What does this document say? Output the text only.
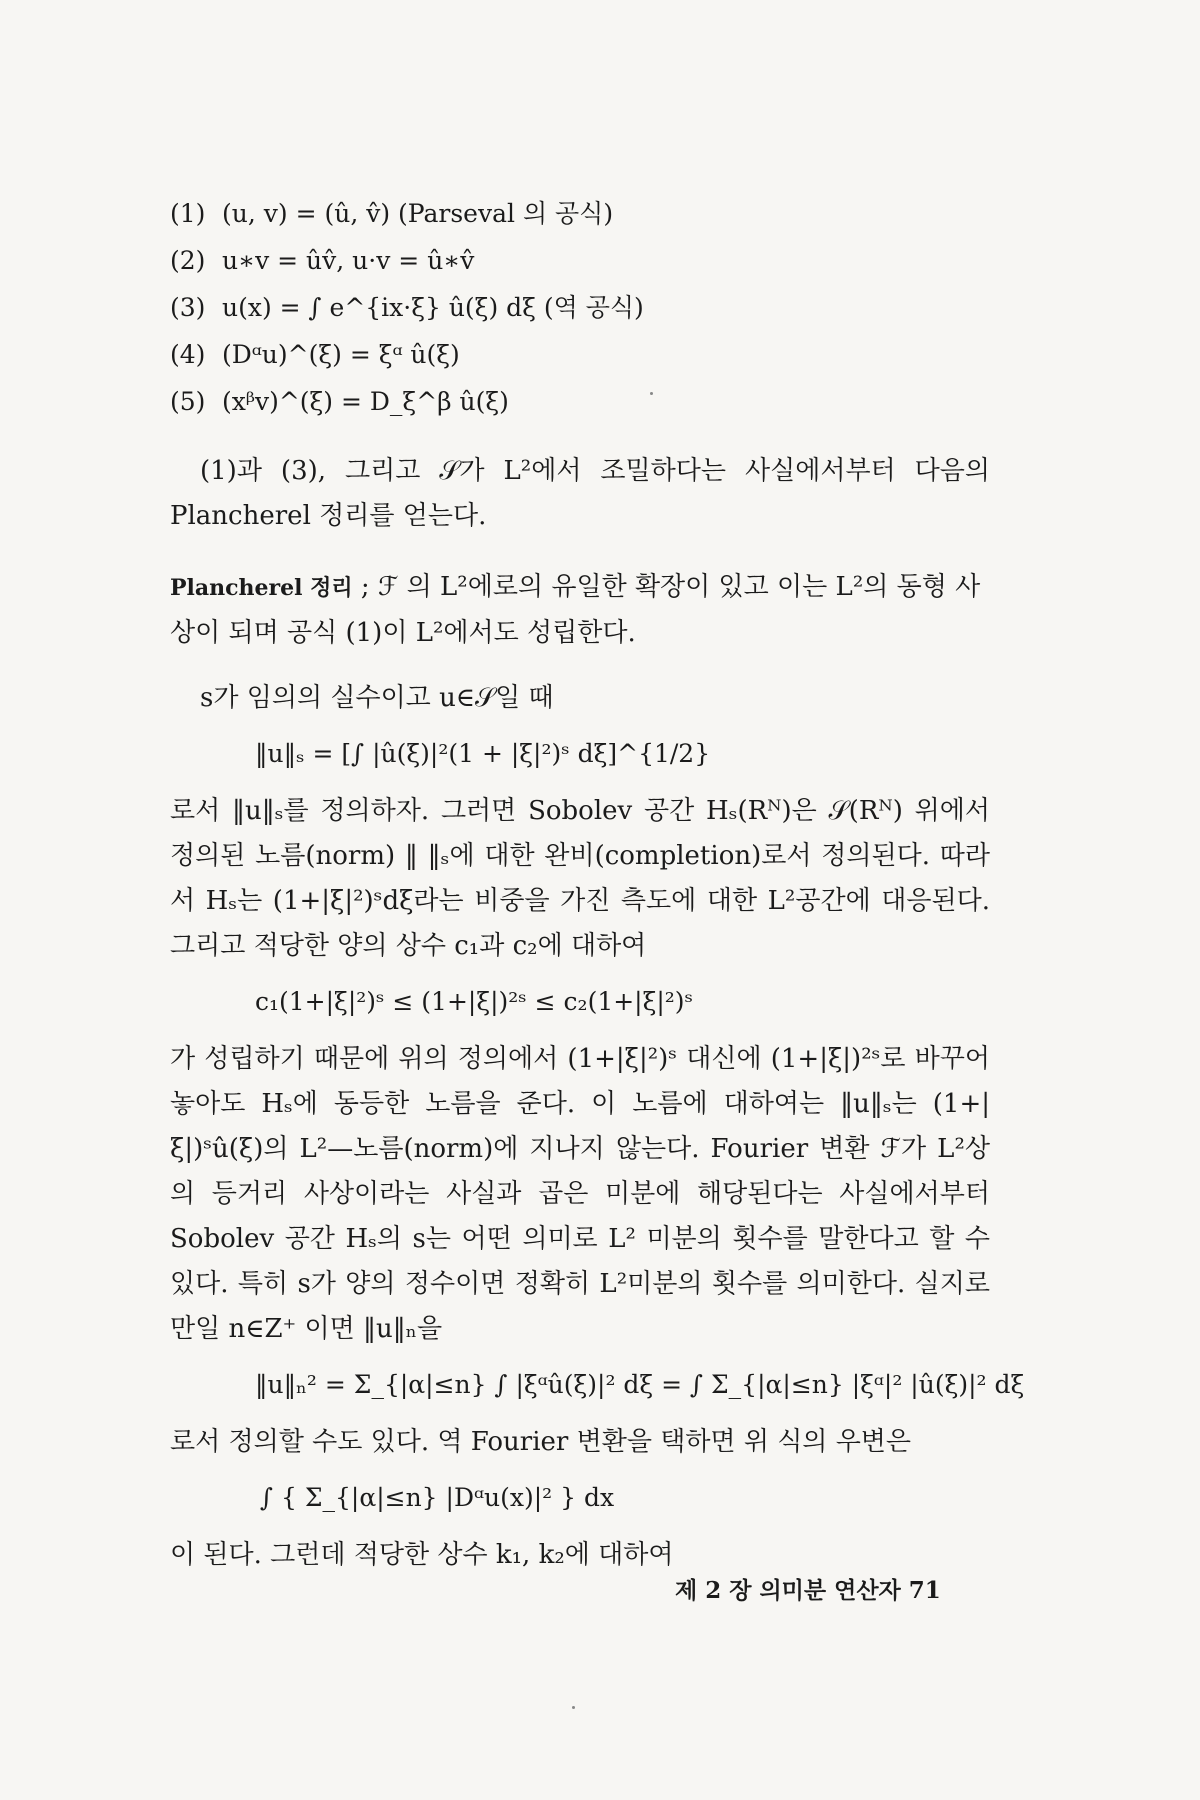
(1) (u, v) = (û, v̂) (Parseval 의 공식)
(2) u∗v = ûv̂, u·v = û∗v̂
(3) u(x) = ∫ e^{ix·ξ} û(ξ) dξ (역 공식)
(4) (Dᵅu)^(ξ) = ξᵅ û(ξ)
(5) (xᵝv)^(ξ) = D_ξ^β û(ξ)

(1)과 (3), 그리고 𝒮가 L²에서 조밀하다는 사실에서부터 다음의 Plancherel 정리를 얻는다.

Plancherel 정리 ; ℱ 의 L²에로의 유일한 확장이 있고 이는 L²의 동형 사상이 되며 공식 (1)이 L²에서도 성립한다.

s가 임의의 실수이고 u∈𝒮일 때

‖u‖ₛ = [∫ |û(ξ)|²(1 + |ξ|²)ˢ dξ]^{1/2}

로서 ‖u‖ₛ를 정의하자. 그러면 Sobolev 공간 Hₛ(Rᴺ)은 𝒮(Rᴺ) 위에서 정의된 노름(norm) ‖ ‖ₛ에 대한 완비(completion)로서 정의된다. 따라서 Hₛ는 (1+|ξ|²)ˢdξ라는 비중을 가진 측도에 대한 L²공간에 대응된다. 그리고 적당한 양의 상수 c₁과 c₂에 대하여

c₁(1+|ξ|²)ˢ ≤ (1+|ξ|)²ˢ ≤ c₂(1+|ξ|²)ˢ

가 성립하기 때문에 위의 정의에서 (1+|ξ|²)ˢ 대신에 (1+|ξ|)²ˢ로 바꾸어 놓아도 Hₛ에 동등한 노름을 준다. 이 노름에 대하여는 ‖u‖ₛ는 (1+|ξ|)ˢû(ξ)의 L²—노름(norm)에 지나지 않는다. Fourier 변환 ℱ가 L²상의 등거리 사상이라는 사실과 곱은 미분에 해당된다는 사실에서부터 Sobolev 공간 Hₛ의 s는 어떤 의미로 L² 미분의 횟수를 말한다고 할 수 있다. 특히 s가 양의 정수이면 정확히 L²미분의 횟수를 의미한다. 실지로 만일 n∈Z⁺ 이면 ‖u‖ₙ을

‖u‖ₙ² = Σ_{|α|≤n} ∫ |ξᵅû(ξ)|² dξ = ∫ Σ_{|α|≤n} |ξᵅ|² |û(ξ)|² dξ

로서 정의할 수도 있다. 역 Fourier 변환을 택하면 위 식의 우변은

∫ { Σ_{|α|≤n} |Dᵅu(x)|² } dx

이 된다. 그런데 적당한 상수 k₁, k₂에 대하여

제 2 장 의미분 연산자 71
